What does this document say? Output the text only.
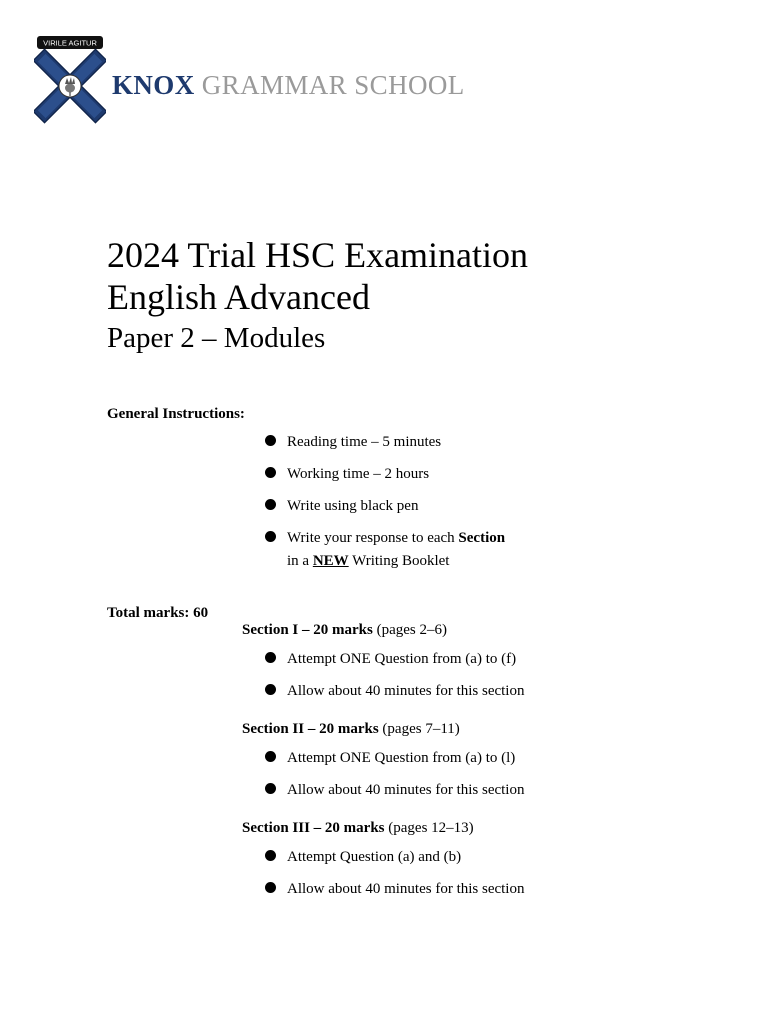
VIRILE AGITUR
KNOX GRAMMAR SCHOOL
2024 Trial HSC Examination
English Advanced
Paper 2 – Modules
General Instructions:
Reading time – 5 minutes
Working time – 2 hours
Write using black pen
Write your response to each Section
in a NEW Writing Booklet
Total marks: 60
Section I – 20 marks (pages 2–6)
Attempt ONE Question from (a) to (f)
Allow about 40 minutes for this section
Section II – 20 marks (pages 7–11)
Attempt ONE Question from (a) to (l)
Allow about 40 minutes for this section
Section III – 20 marks (pages 12–13)
Attempt Question (a) and (b)
Allow about 40 minutes for this section
